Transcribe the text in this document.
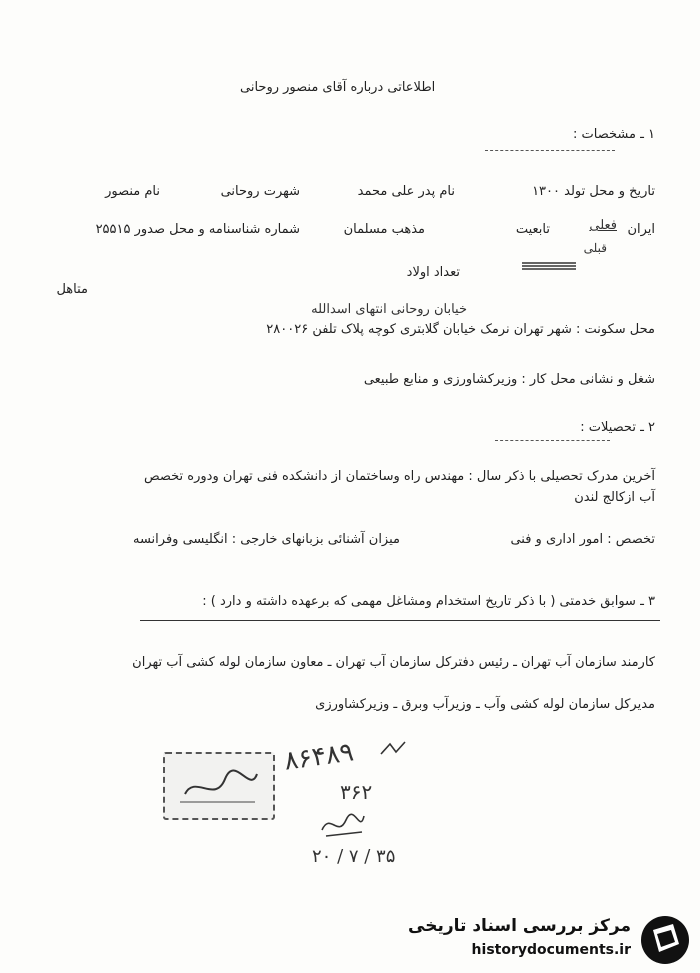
اطلاعاتی درباره آقای منصور روحانی
۱ ـ مشخصات :
تاریخ و محل تولد ۱۳۰۰
نام پدر علی محمد
شهرت روحانی
نام منصور
ایران
فعلی
تابعیت
مذهب مسلمان
شماره شناسنامه و محل صدور ۲۵۵۱۵
قبلی
تعداد اولاد
متاهل
خیابان روحانی انتهای اسدالله
محل سکونت : شهر تهران نرمک خیابان گلابتری کوچه پلاک تلفن ۲۸۰۰۲۶
شغل و نشانی محل کار : وزیرکشاورزی و منابع طبیعی
۲ ـ تحصیلات :
آخرین مدرک تحصیلی با ذکر سال : مهندس راه وساختمان از دانشکده فنی تهران ودوره تخصص
آب ازکالج لندن
تخصص : امور اداری و فنی
میزان آشنائی بزبانهای خارجی : انگلیسی وفرانسه
۳ ـ سوابق خدمتی ( با ذکر تاریخ استخدام ومشاغل مهمی که برعهده داشته و دارد ) :
کارمند سازمان آب تهران ـ رئیس دفترکل سازمان آب تهران ـ معاون سازمان لوله کشی آب تهران
مدیرکل سازمان لوله کشی وآب ـ وزیرآب وبرق ـ وزیرکشاورزی
۸۶۴۸۹
۳۶۲
۳۵ / ۷ / ۲۰
مرکز بررسی اسناد تاریخی
historydocuments.ir
